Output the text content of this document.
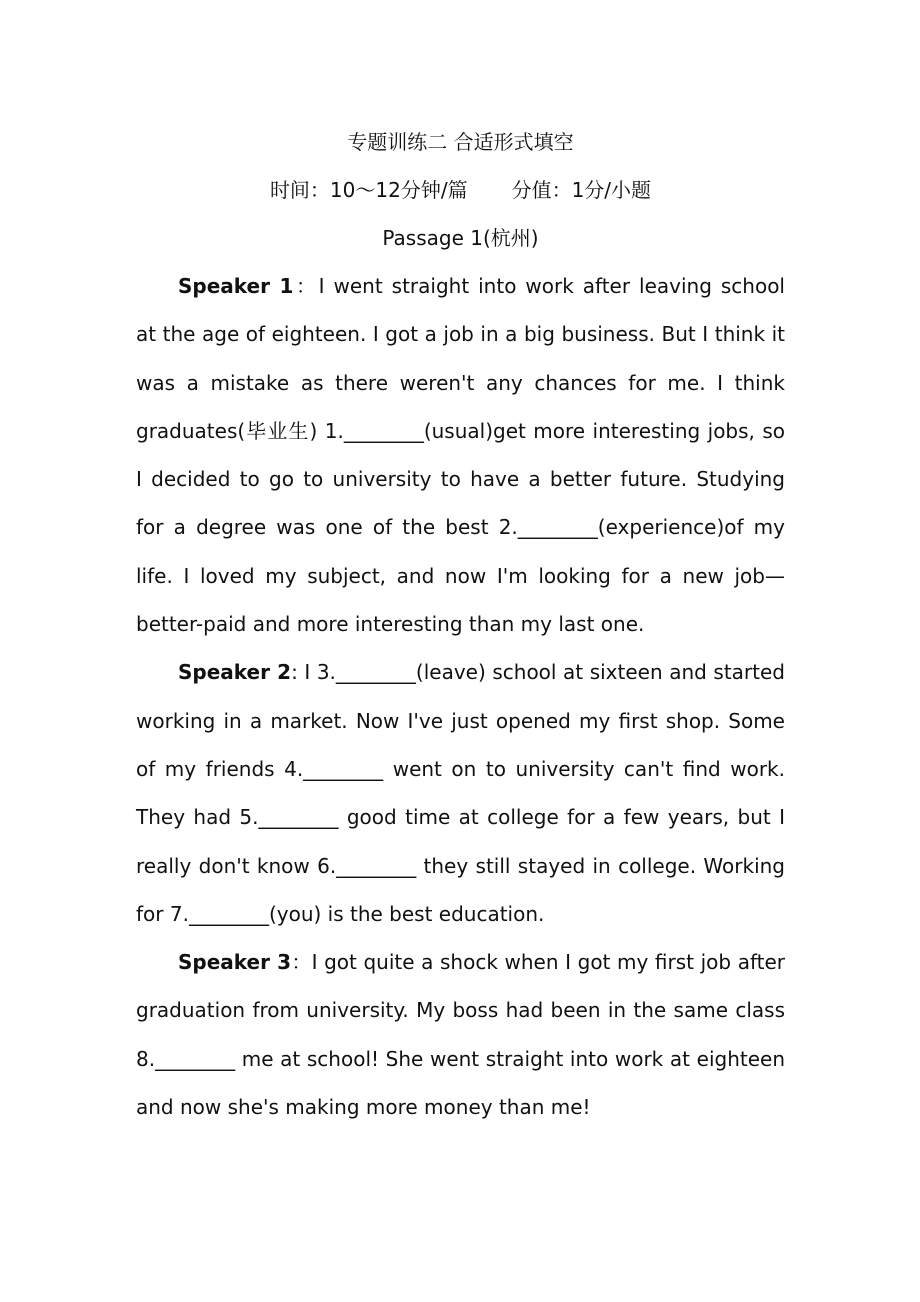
专题训练二 合适形式填空
时间：10～12分钟/篇 分值：1分/小题
Passage 1(杭州)

Speaker 1：I went straight into work after leaving school at the age of eighteen. I got a job in a big business. But I think it was a mistake as there weren't any chances for me. I think graduates(毕业生) 1.________(usual)get more interesting jobs, so I decided to go to university to have a better future. Studying for a degree was one of the best 2.________(experience)of my life. I loved my subject, and now I'm looking for a new job—better-paid and more interesting than my last one.

Speaker 2: I 3.________(leave) school at sixteen and started working in a market. Now I've just opened my first shop. Some of my friends 4.________ went on to university can't find work. They had 5.________ good time at college for a few years, but I really don't know 6.________ they still stayed in college. Working for 7.________(you) is the best education.

Speaker 3：I got quite a shock when I got my first job after graduation from university. My boss had been in the same class 8.________ me at school! She went straight into work at eighteen and now she's making more money than me!
